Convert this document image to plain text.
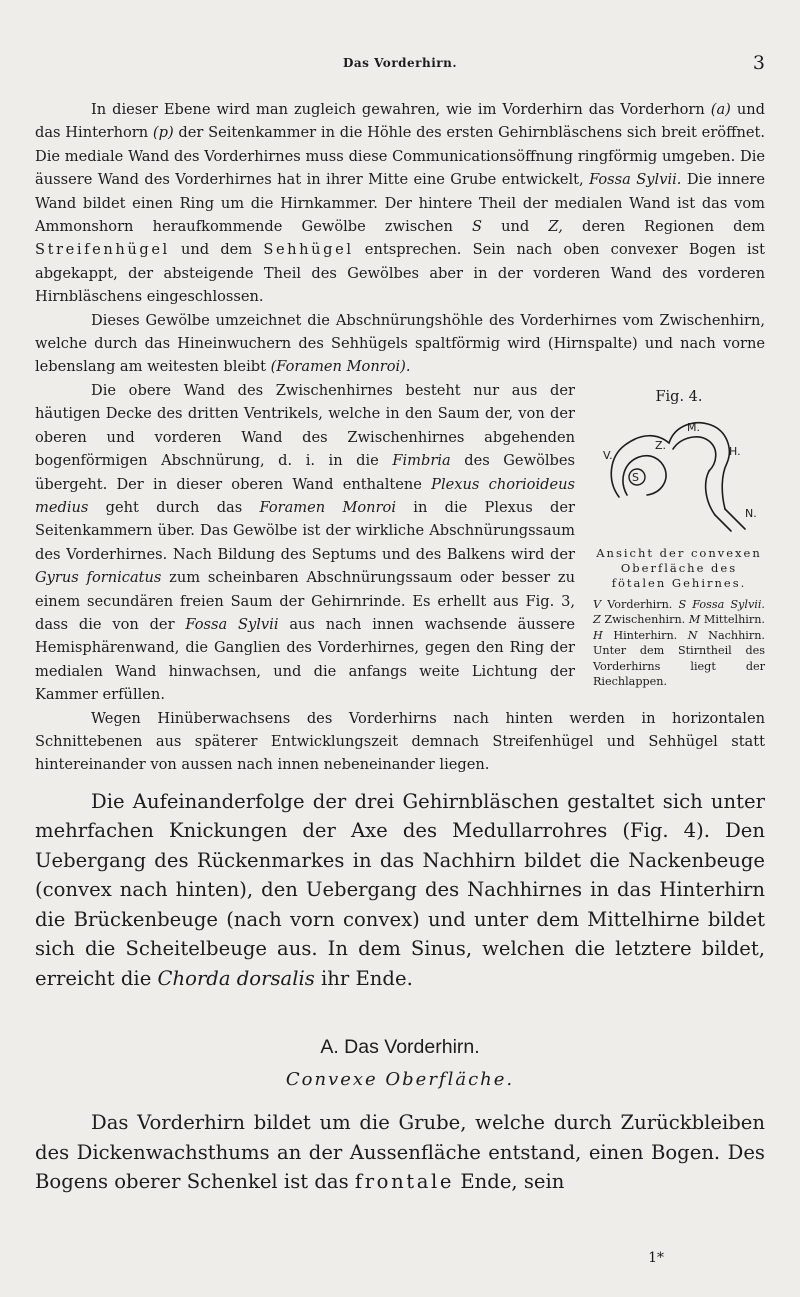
Das Vorderhirn.	3

In dieser Ebene wird man zugleich gewahren, wie im Vorderhirn das Vorderhorn (a) und das Hinterhorn (p) der Seitenkammer in die Höhle des ersten Gehirnbläschens sich breit eröffnet. Die mediale Wand des Vorderhirnes muss diese Communicationsöffnung ringförmig umgeben. Die äussere Wand des Vorderhirnes hat in ihrer Mitte eine Grube entwickelt, Fossa Sylvii. Die innere Wand bildet einen Ring um die Hirnkammer. Der hintere Theil der medialen Wand ist das vom Ammonshorn heraufkommende Gewölbe zwischen S und Z, deren Regionen dem Streifenhügel und dem Sehhügel entsprechen. Sein nach oben convexer Bogen ist abgekappt, der absteigende Theil des Gewölbes aber in der vorderen Wand des vorderen Hirnbläschens eingeschlossen.

Dieses Gewölbe umzeichnet die Abschnürungshöhle des Vorderhirnes vom Zwischenhirn, welche durch das Hineinwuchern des Sehhügels spaltförmig wird (Hirnspalte) und nach vorne lebenslang am weitesten bleibt (Foramen Monroi).

Fig. 4.
M.
Z.
V.	H.
S
N.
Ansicht der convexen Oberfläche des fötalen Gehirnes.
V Vorderhirn. S Fossa Sylvii. Z Zwischenhirn. M Mittelhirn. H Hinterhirn. N Nachhirn. Unter dem Stirntheil des Vorderhirns liegt der Riechlappen.

Die obere Wand des Zwischenhirnes besteht nur aus der häutigen Decke des dritten Ventrikels, welche in den Saum der, von der oberen und vorderen Wand des Zwischenhirnes abgehenden bogenförmigen Abschnürung, d. i. in die Fimbria des Gewölbes übergeht. Der in dieser oberen Wand enthaltene Plexus chorioideus medius geht durch das Foramen Monroi in die Plexus der Seitenkammern über. Das Gewölbe ist der wirkliche Abschnürungssaum des Vorderhirnes. Nach Bildung des Septums und des Balkens wird der Gyrus fornicatus zum scheinbaren Abschnürungssaum oder besser zu einem secundären freien Saum der Gehirnrinde. Es erhellt aus Fig. 3, dass die von der Fossa Sylvii aus nach innen wachsende äussere Hemisphärenwand, die Ganglien des Vorderhirnes, gegen den Ring der medialen Wand hinwachsen, und die anfangs weite Lichtung der Kammer erfüllen.

Wegen Hinüberwachsens des Vorderhirns nach hinten werden in horizontalen Schnittebenen aus späterer Entwicklungszeit demnach Streifenhügel und Sehhügel statt hintereinander von aussen nach innen nebeneinander liegen.

Die Aufeinanderfolge der drei Gehirnbläschen gestaltet sich unter mehrfachen Knickungen der Axe des Medullarrohres (Fig. 4). Den Uebergang des Rückenmarkes in das Nachhirn bildet die Nackenbeuge (convex nach hinten), den Uebergang des Nachhirnes in das Hinterhirn die Brückenbeuge (nach vorn convex) und unter dem Mittelhirne bildet sich die Scheitelbeuge aus. In dem Sinus, welchen die letztere bildet, erreicht die Chorda dorsalis ihr Ende.

A. Das Vorderhirn.
Convexe Oberfläche.

Das Vorderhirn bildet um die Grube, welche durch Zurückbleiben des Dickenwachsthums an der Aussenfläche entstand, einen Bogen. Des Bogens oberer Schenkel ist das frontale Ende, sein

1*
